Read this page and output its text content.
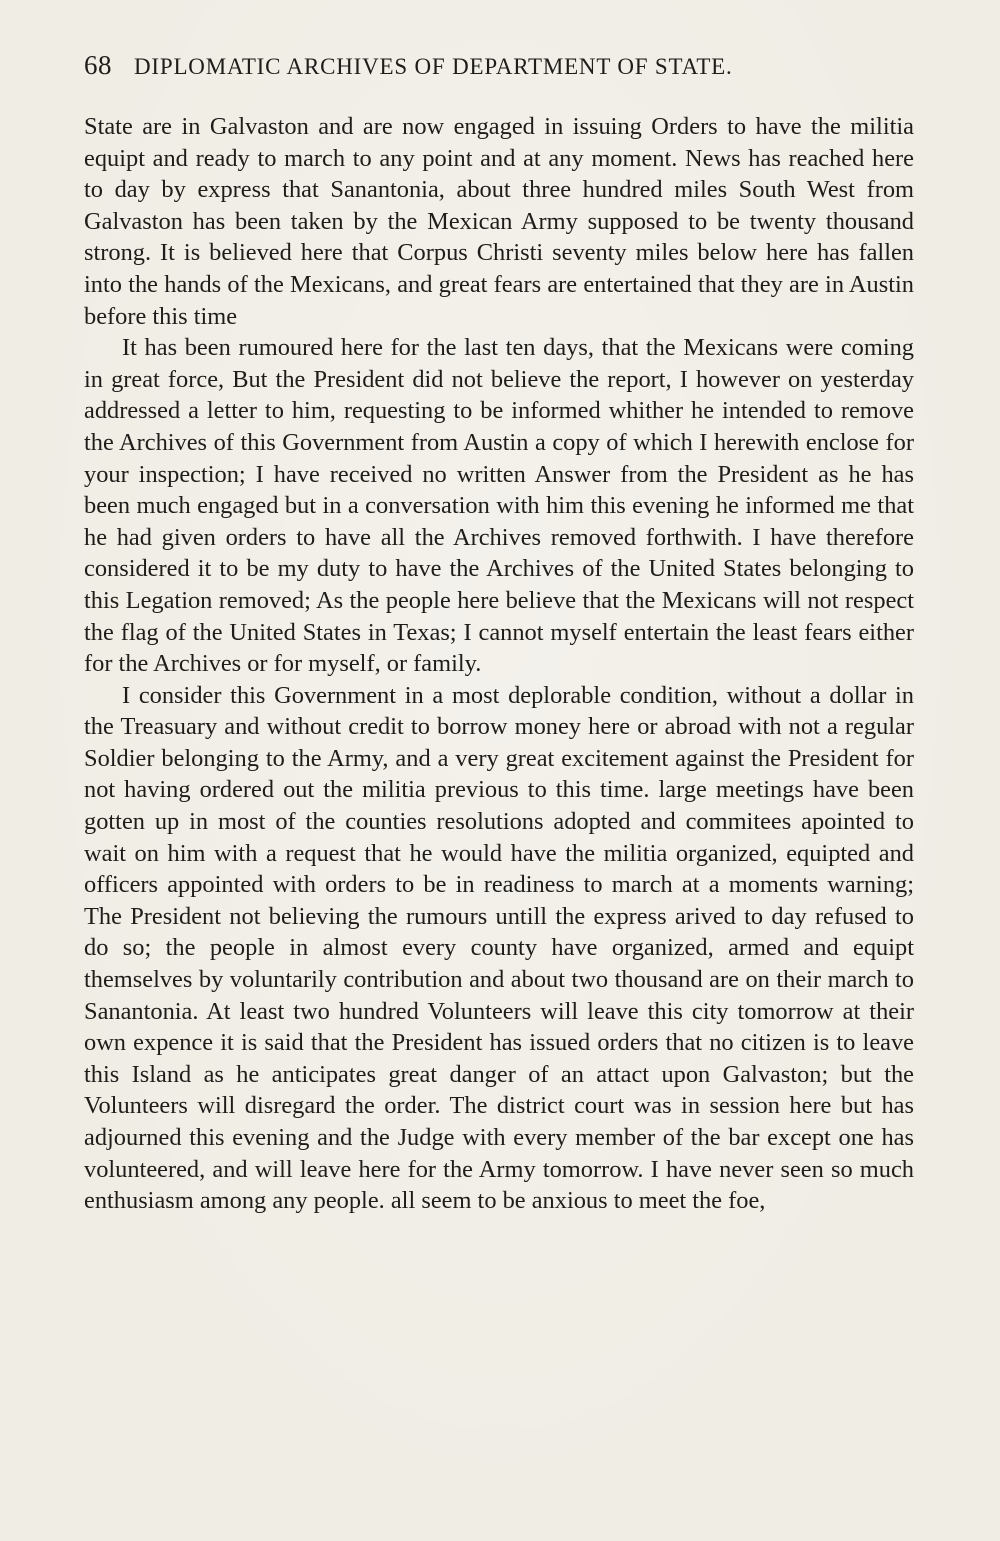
68 DIPLOMATIC ARCHIVES OF DEPARTMENT OF STATE.

State are in Galvaston and are now engaged in issuing Orders to have the militia equipt and ready to march to any point and at any moment. News has reached here to day by express that Sanantonia, about three hundred miles South West from Galvaston has been taken by the Mexican Army supposed to be twenty thousand strong. It is believed here that Corpus Christi seventy miles below here has fallen into the hands of the Mexicans, and great fears are entertained that they are in Austin before this time

It has been rumoured here for the last ten days, that the Mexicans were coming in great force, But the President did not believe the report, I however on yesterday addressed a letter to him, requesting to be informed whither he intended to remove the Archives of this Government from Austin a copy of which I herewith enclose for your inspection; I have received no written Answer from the President as he has been much engaged but in a conversation with him this evening he informed me that he had given orders to have all the Archives removed forthwith. I have therefore considered it to be my duty to have the Archives of the United States belonging to this Legation removed; As the people here believe that the Mexicans will not respect the flag of the United States in Texas; I cannot myself entertain the least fears either for the Archives or for myself, or family.

I consider this Government in a most deplorable condition, without a dollar in the Treasuary and without credit to borrow money here or abroad with not a regular Soldier belonging to the Army, and a very great excitement against the President for not having ordered out the militia previous to this time. large meetings have been gotten up in most of the counties resolutions adopted and commitees apointed to wait on him with a request that he would have the militia organized, equipted and officers appointed with orders to be in readiness to march at a moments warning; The President not believing the rumours untill the express arived to day refused to do so; the people in almost every county have organized, armed and equipt themselves by voluntarily contribution and about two thousand are on their march to Sanantonia. At least two hundred Volunteers will leave this city tomorrow at their own expence it is said that the President has issued orders that no citizen is to leave this Island as he anticipates great danger of an attact upon Galvaston; but the Volunteers will disregard the order. The district court was in session here but has adjourned this evening and the Judge with every member of the bar except one has volunteered, and will leave here for the Army tomorrow. I have never seen so much enthusiasm among any people. all seem to be anxious to meet the foe,
